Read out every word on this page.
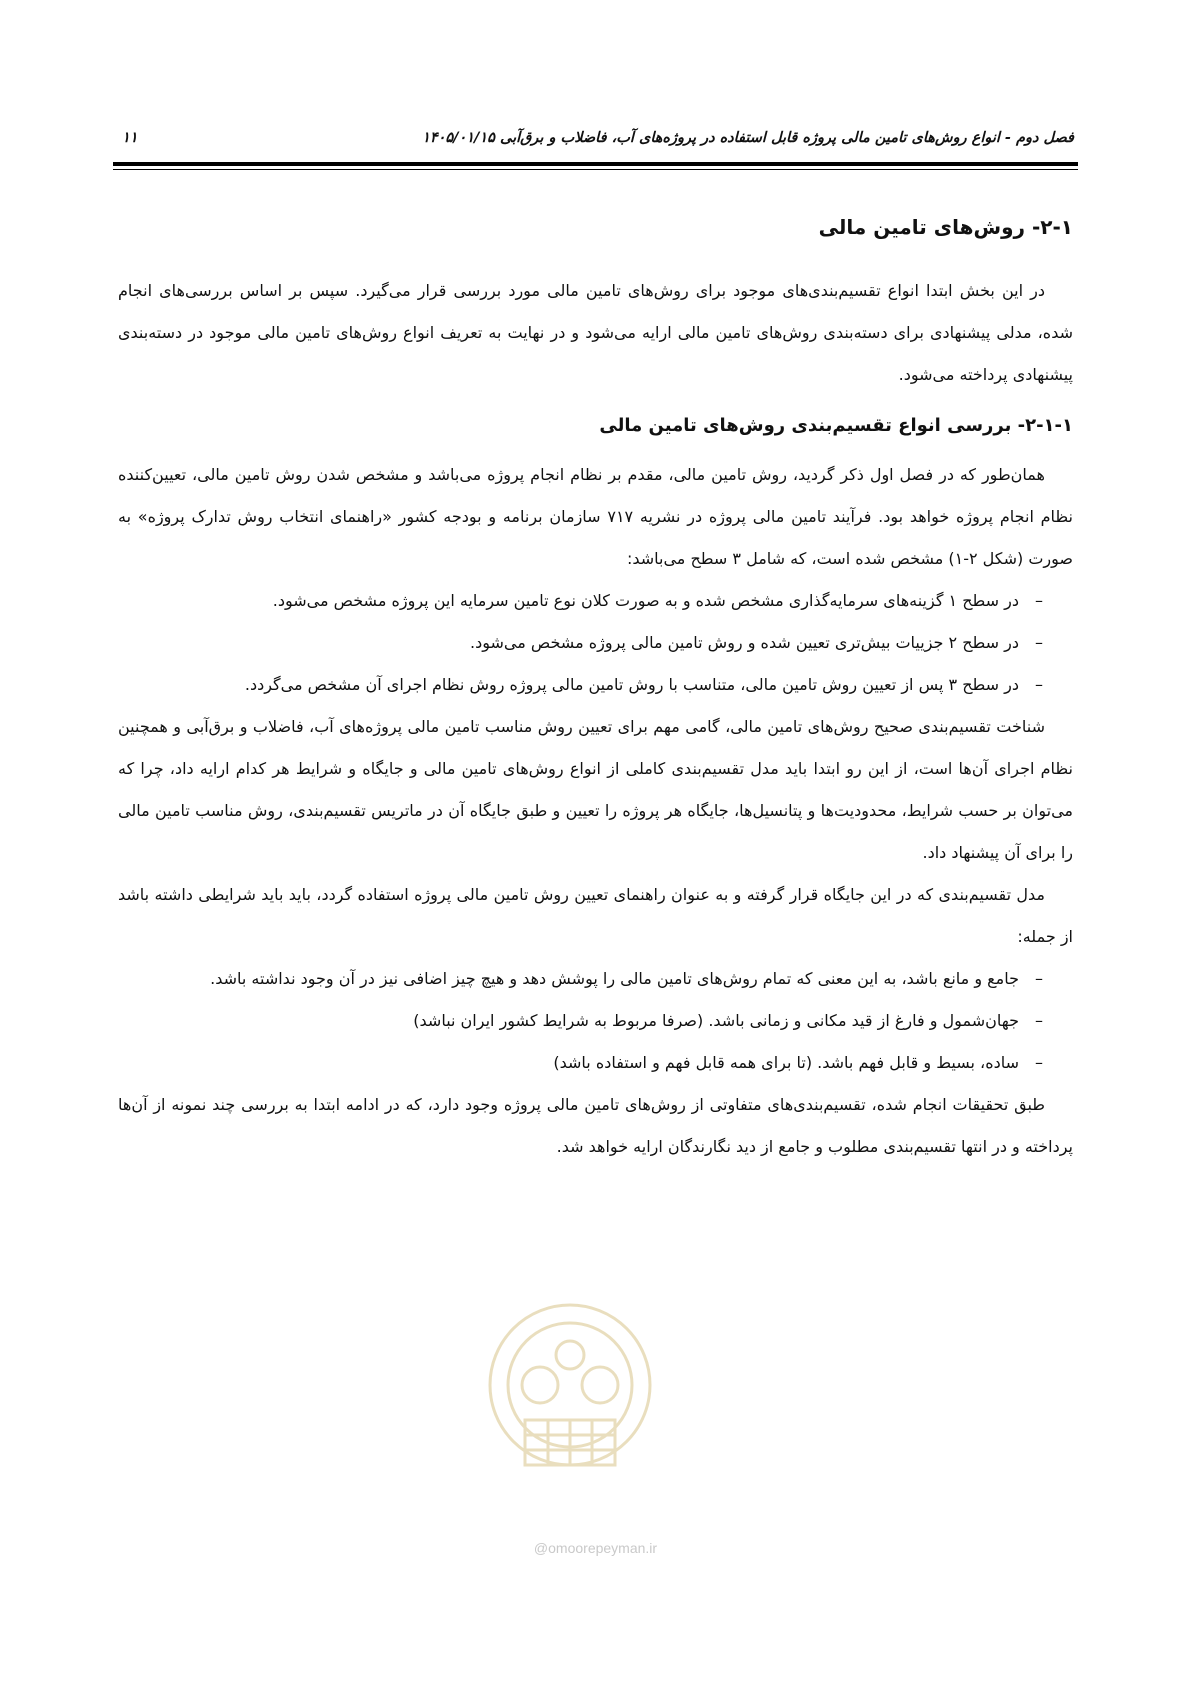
فصل دوم - انواع روش‌های تامین مالی پروژه قابل استفاده در پروژه‌های آب، فاضلاب و برق‌آبی ۱۴۰۵/۰۱/۱۵
۱۱
۲-۱- روش‌های تامین مالی

در این بخش ابتدا انواع تقسیم‌بندی‌های موجود برای روش‌های تامین مالی مورد بررسی قرار می‌گیرد. سپس بر اساس بررسی‌های انجام شده، مدلی پیشنهادی برای دسته‌بندی روش‌های تامین مالی ارایه می‌شود و در نهایت به تعریف انواع روش‌های تامین مالی موجود در دسته‌بندی پیشنهادی پرداخته می‌شود.

۲-۱-۱- بررسی انواع تقسیم‌بندی روش‌های تامین مالی

همان‌طور که در فصل اول ذکر گردید، روش تامین مالی، مقدم بر نظام انجام پروژه می‌باشد و مشخص شدن روش تامین مالی، تعیین‌کننده نظام انجام پروژه خواهد بود. فرآیند تامین مالی پروژه در نشریه ۷۱۷ سازمان برنامه و بودجه کشور «راهنمای انتخاب روش تدارک پروژه» به صورت (شکل ۲-۱) مشخص شده است، که شامل ۳ سطح می‌باشد:

–
در سطح ۱ گزینه‌های سرمایه‌گذاری مشخص شده و به صورت کلان نوع تامین سرمایه این پروژه مشخص می‌شود.
–
در سطح ۲ جزییات بیش‌تری تعیین شده و روش تامین مالی پروژه مشخص می‌شود.
–
در سطح ۳ پس از تعیین روش تامین مالی، متناسب با روش تامین مالی پروژه روش نظام اجرای آن مشخص می‌گردد.

شناخت تقسیم‌بندی صحیح روش‌های تامین مالی، گامی مهم برای تعیین روش مناسب تامین مالی پروژه‌های آب، فاضلاب و برق‌آبی و همچنین نظام اجرای آن‌ها است، از این رو ابتدا باید مدل تقسیم‌بندی کاملی از انواع روش‌های تامین مالی و جایگاه و شرایط هر کدام ارایه داد، چرا که می‌توان بر حسب شرایط، محدودیت‌ها و پتانسیل‌ها، جایگاه هر پروژه را تعیین و طبق جایگاه آن در ماتریس تقسیم‌بندی، روش مناسب تامین مالی را برای آن پیشنهاد داد.

مدل تقسیم‌بندی که در این جایگاه قرار گرفته و به عنوان راهنمای تعیین روش تامین مالی پروژه استفاده گردد، باید باید شرایطی داشته باشد از جمله:

–
جامع و مانع باشد، به این معنی که تمام روش‌های تامین مالی را پوشش دهد و هیچ چیز اضافی نیز در آن وجود نداشته باشد.
–
جهان‌شمول و فارغ از قید مکانی و زمانی باشد. (صرفا مربوط به شرایط کشور ایران نباشد)
–
ساده، بسیط و قابل فهم باشد. (تا برای همه قابل فهم و استفاده باشد)

طبق تحقیقات انجام شده، تقسیم‌بندی‌های متفاوتی از روش‌های تامین مالی پروژه وجود دارد، که در ادامه ابتدا به بررسی چند نمونه از آن‌ها پرداخته و در انتها تقسیم‌بندی مطلوب و جامع از دید نگارندگان ارایه خواهد شد.

@omoorepeyman.ir
